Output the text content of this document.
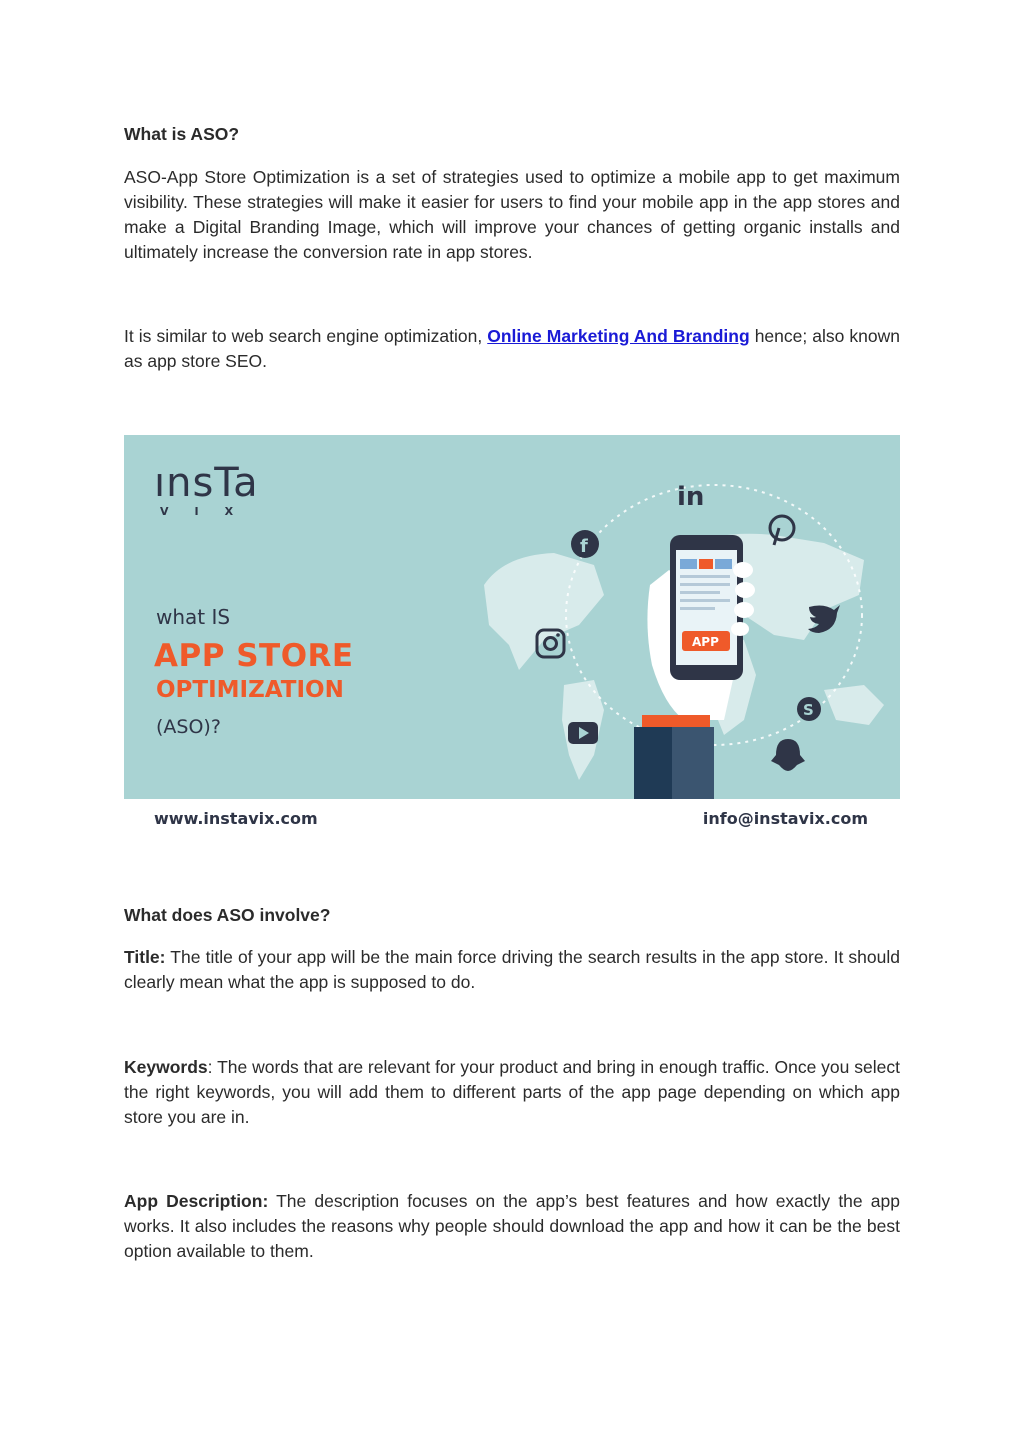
What is ASO?

ASO-App Store Optimization is a set of strategies used to optimize a mobile app to get maximum visibility. These strategies will make it easier for users to find your mobile app in the app stores and make a Digital Branding Image, which will improve your chances of getting organic installs and ultimately increase the conversion rate in app stores.

It is similar to web search engine optimization, Online Marketing And Branding hence; also known as app store SEO.

in
f
S
APP
ınsTa
VIX
what IS
APP STORE
OPTIMIZATION
(ASO)?
www.instavix.com	info@instavix.com
What does ASO involve?

Title: The title of your app will be the main force driving the search results in the app store. It should clearly mean what the app is supposed to do.

Keywords: The words that are relevant for your product and bring in enough traffic. Once you select the right keywords, you will add them to different parts of the app page depending on which app store you are in.

App Description: The description focuses on the app’s best features and how exactly the app works. It also includes the reasons why people should download the app and how it can be the best option available to them.
